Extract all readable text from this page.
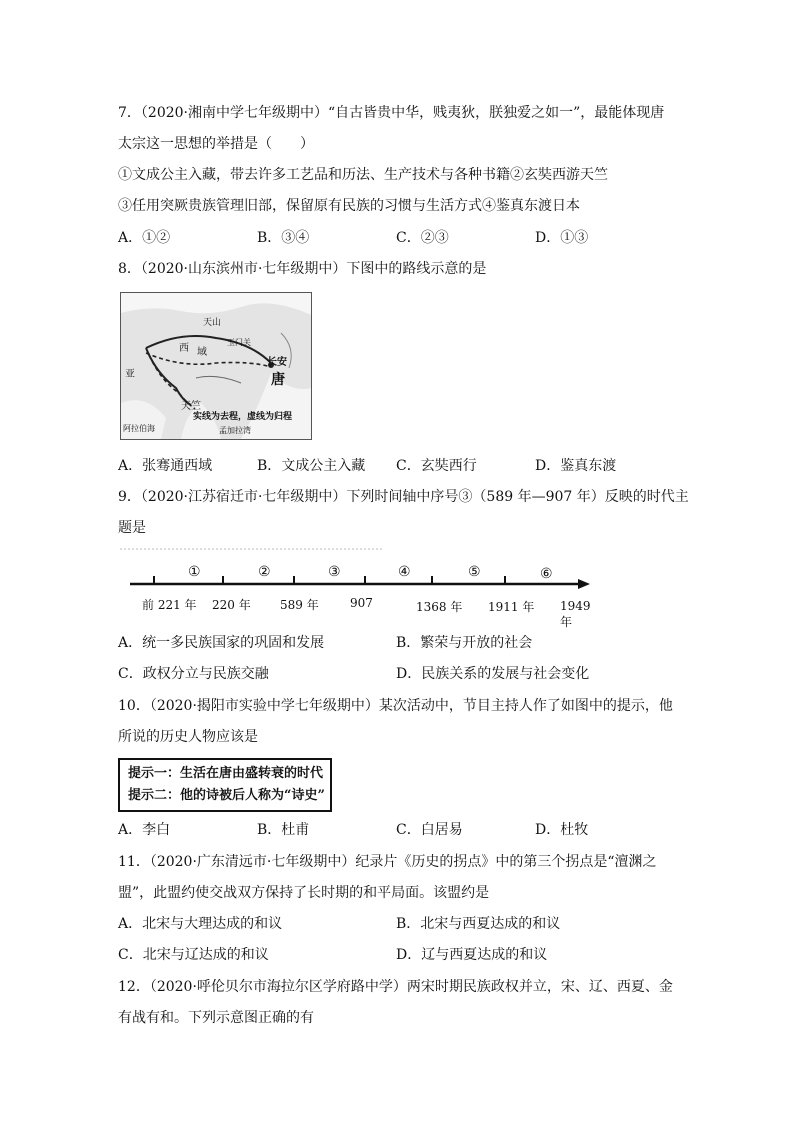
7．（2020·湘南中学七年级期中）“自古皆贵中华，贱夷狄，朕独爱之如一”，最能体现唐
太宗这一思想的举措是（　　）
①文成公主入藏，带去许多工艺品和历法、生产技术与各种书籍②玄奘西游天竺
③任用突厥贵族管理旧部，保留原有民族的习惯与生活方式④鉴真东渡日本
A．①②	B．③④	C．②③	D．①③
8．（2020·山东滨州市·七年级期中）下图中的路线示意的是
天山
西 域
玉门关
长安
唐
亚
天竺
阿拉伯海	孟加拉湾
实线为去程，虚线为归程
A．张骞通西域	B．文成公主入藏 C．玄奘西行	D．鉴真东渡
9．（2020·江苏宿迁市·七年级期中）下列时间轴中序号③（589 年—907 年）反映的时代主
题是
①	②	③	④	⑤	⑥
前 221 年 220 年 589 年	907	1368 年 1911 年 1949 年
A．统一多民族国家的巩固和发展	B．繁荣与开放的社会
C．政权分立与民族交融	D．民族关系的发展与社会变化
10．（2020·揭阳市实验中学七年级期中）某次活动中，节目主持人作了如图中的提示，他
所说的历史人物应该是
提示一：生活在唐由盛转衰的时代
提示二：他的诗被后人称为“诗史”
A．李白	B．杜甫	C．白居易	D．杜牧
11．（2020·广东清远市·七年级期中）纪录片《历史的拐点》中的第三个拐点是“澶渊之
盟”，此盟约使交战双方保持了长时期的和平局面。该盟约是
A．北宋与大理达成的和议	B．北宋与西夏达成的和议
C．北宋与辽达成的和议	D．辽与西夏达成的和议
12．（2020·呼伦贝尔市海拉尔区学府路中学）两宋时期民族政权并立，宋、辽、西夏、金
有战有和。下列示意图正确的有
